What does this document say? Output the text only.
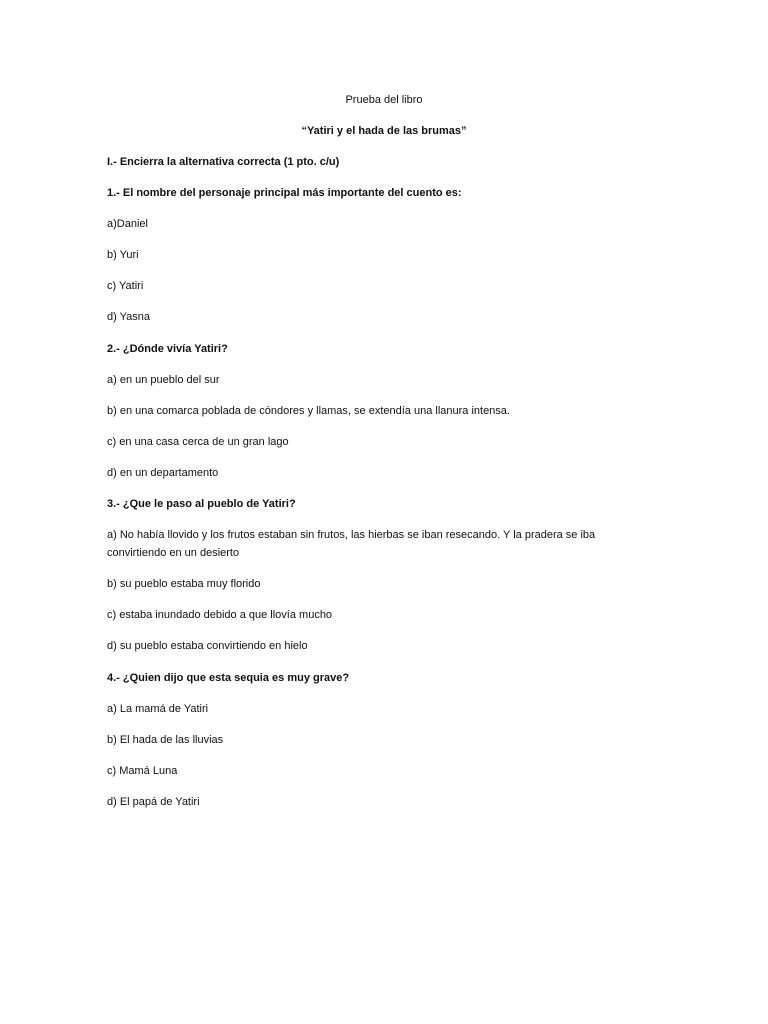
Prueba del libro
“Yatiri y el hada de las brumas”
I.- Encierra la alternativa correcta (1 pto. c/u)
1.- El nombre del personaje principal más importante del cuento es:
a)Daniel
b) Yuri
c) Yatiri
d) Yasna
2.- ¿Dónde vivía Yatiri?
a) en un pueblo del sur
b) en una comarca poblada de cóndores y llamas, se extendía una llanura intensa.
c) en una casa cerca de un gran lago
d) en un departamento
3.- ¿Que le paso al pueblo de Yatiri?
a) No había llovido y los frutos estaban sin frutos, las hierbas se iban resecando. Y la pradera se iba convirtiendo en un desierto
b) su pueblo estaba muy florido
c) estaba inundado debido a que llovía mucho
d) su pueblo estaba convirtiendo en hielo
4.- ¿Quien dijo que esta sequia es muy grave?
a) La mamá de Yatiri
b) El hada de las lluvias
c) Mamá Luna
d) El papá de Yatiri
